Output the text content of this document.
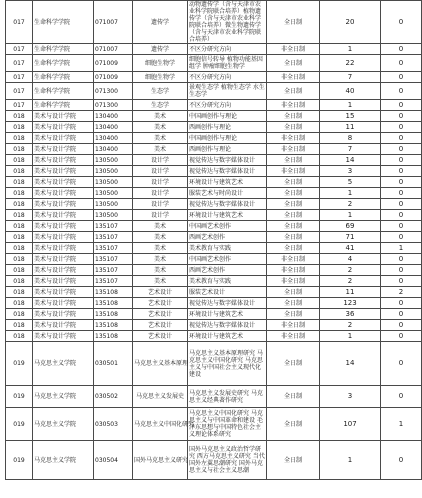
017	生命科学学院	071007	遗传学	动物遗传学（含与天津市农业科学院联合培养）植物遗传学（含与天津市农业科学院联合培养）微生物遗传学（含与天津市农业科学院联合培养）	全日制	20	0
017	生命科学学院	071007	遗传学	不区分研究方向	非全日制	1	0
017	生命科学学院	071009	细胞生物学	细胞信号转导 植物功能基因组学 肿瘤细胞生物学	全日制	22	0
017	生命科学学院	071009	细胞生物学	不区分研究方向	非全日制	7	0
017	生命科学学院	071300	生态学	景观生态学 植物生态学 水生生态学	全日制	40	0
017	生命科学学院	071300	生态学	不区分研究方向	非全日制	1	0
018	美术与设计学院	130400	美术	中国画创作与理论	全日制	15	0
018	美术与设计学院	130400	美术	西画创作与理论	全日制	11	0
018	美术与设计学院	130400	美术	中国画创作与理论	非全日制	8	0
018	美术与设计学院	130400	美术	西画创作与理论	非全日制	7	0
018	美术与设计学院	130500	设计学	视觉传达与数字媒体设计	全日制	14	0
018	美术与设计学院	130500	设计学	视觉传达与数字媒体设计	非全日制	3	0
018	美术与设计学院	130500	设计学	环境设计与建筑艺术	全日制	5	0
018	美术与设计学院	130500	设计学	服装艺术与时尚设计	全日制	1	0
018	美术与设计学院	130500	设计学	视觉传达与数字媒体设计	全日制	2	0
018	美术与设计学院	130500	设计学	环境设计与建筑艺术	全日制	1	0
018	美术与设计学院	135107	美术	中国画艺术创作	全日制	69	0
018	美术与设计学院	135107	美术	西画艺术创作	全日制	71	0
018	美术与设计学院	135107	美术	美术教育与实践	全日制	41	1
018	美术与设计学院	135107	美术	中国画艺术创作	非全日制	4	0
018	美术与设计学院	135107	美术	西画艺术创作	非全日制	2	0
018	美术与设计学院	135107	美术	美术教育与实践	非全日制	2	0
018	美术与设计学院	135108	艺术设计	服装艺术设计	全日制	11	2
018	美术与设计学院	135108	艺术设计	视觉传达与数字媒体设计	全日制	123	0
018	美术与设计学院	135108	艺术设计	环境设计与建筑艺术	全日制	36	0
018	美术与设计学院	135108	艺术设计	视觉传达与数字媒体设计	非全日制	2	0
018	美术与设计学院	135108	艺术设计	环境设计与建筑艺术	非全日制	1	0
019	马克思主义学院	030501	马克思主义基本原理	马克思主义基本原理研究 马克思主义中国化研究 马克思主义与中国社会主义现代化建设	全日制	14	0
019	马克思主义学院	030502	马克思主义发展史	马克思主义发展史研究 马克思主义经典著作研究	全日制	3	0
019	马克思主义学院	030503	马克思主义中国化研究	马克思主义中国化研究 马克思主义与中国革命和建设 毛泽东思想与中国特色社会主义理论体系研究	全日制	107	1
019	马克思主义学院	030504	国外马克思主义研究	国外马克思主义政治哲学研究 西方马克思主义研究 当代国外左翼思潮研究 国外马克思主义与社会主义思潮	全日制	1	0
